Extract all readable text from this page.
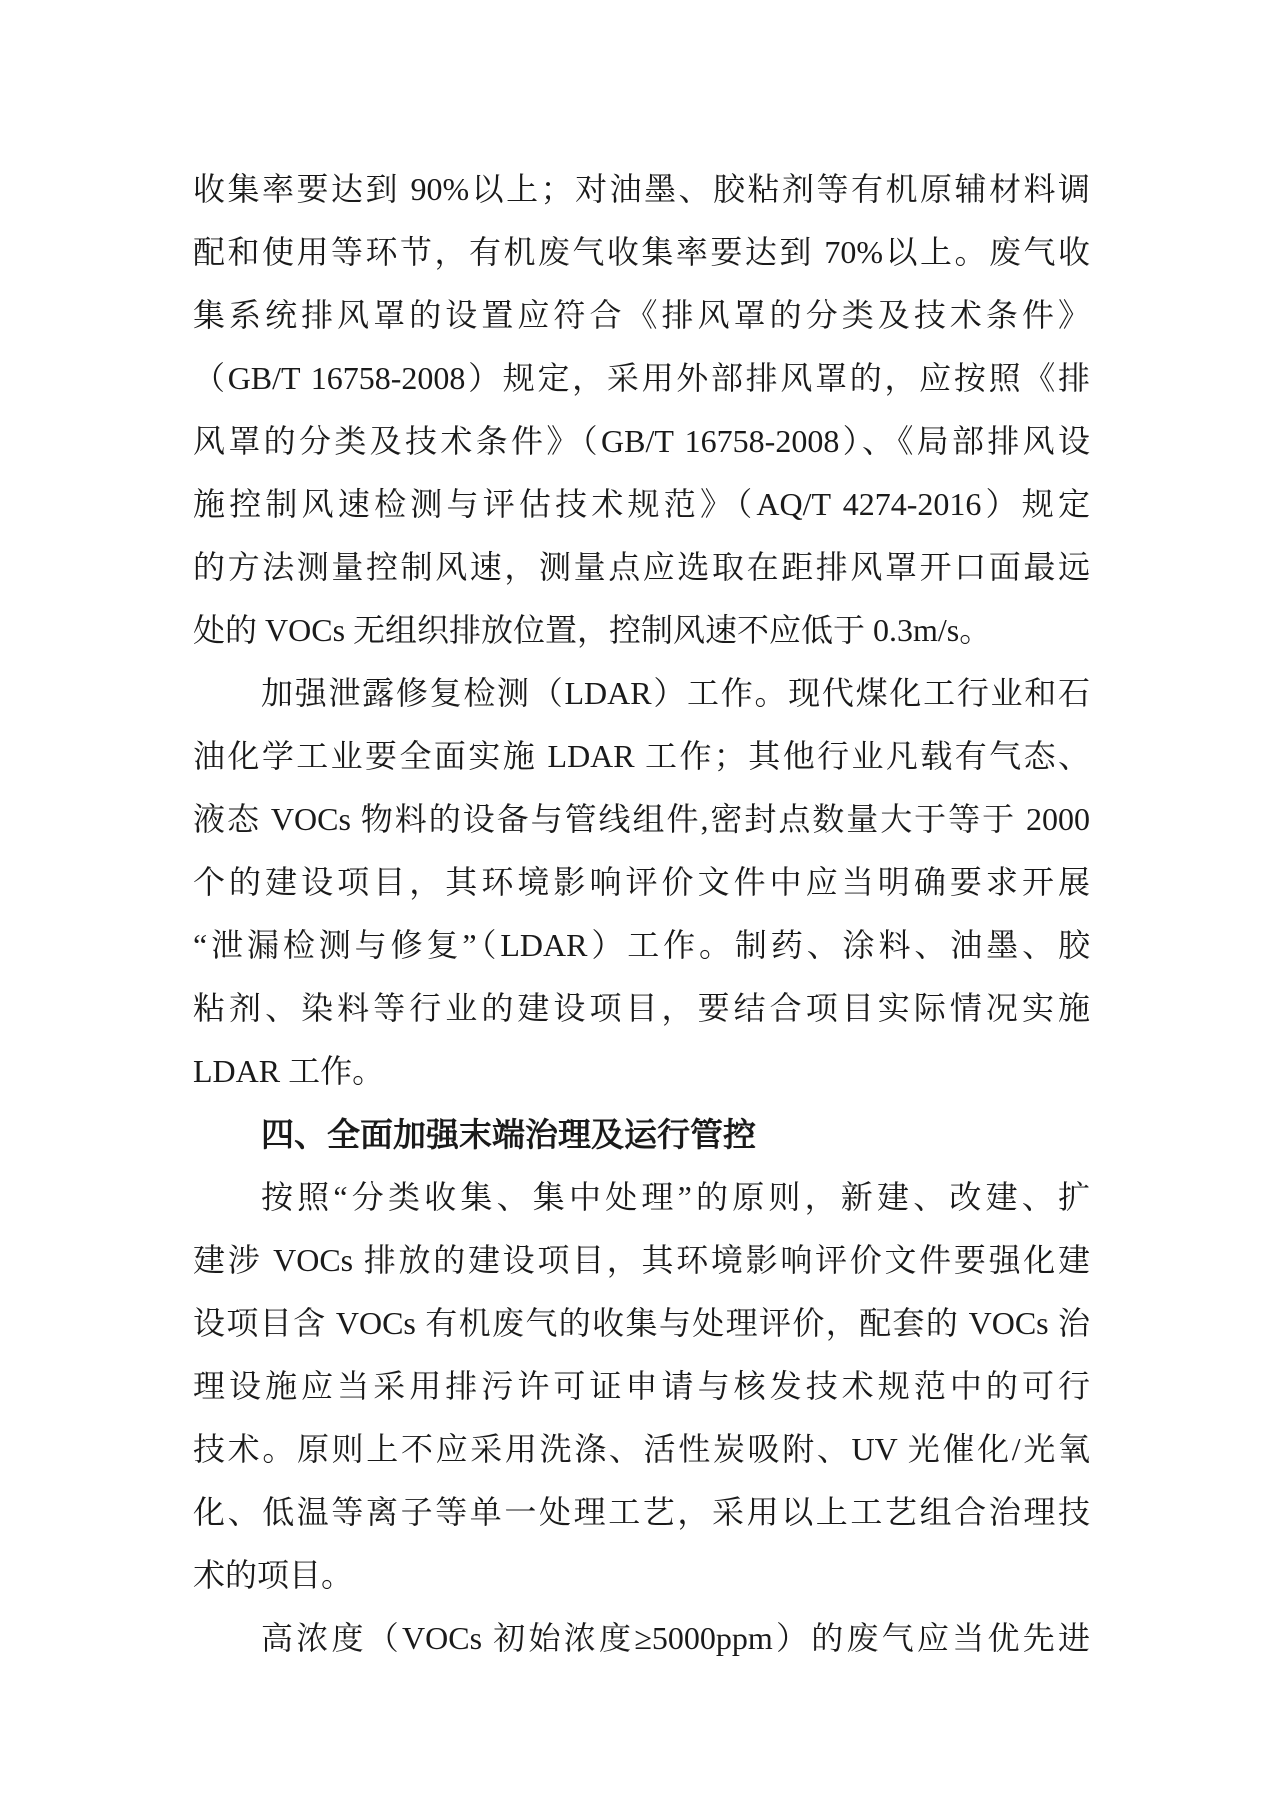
收集率要达到 90%以上；对油墨、胶粘剂等有机原辅材料调
配和使用等环节，有机废气收集率要达到 70%以上。废气收
集系统排风罩的设置应符合《排风罩的分类及技术条件》
（GB/T 16758-2008）规定，采用外部排风罩的，应按照《排
风罩的分类及技术条件》（GB/T 16758-2008）、《局部排风设
施控制风速检测与评估技术规范》（AQ/T 4274-2016）规定
的方法测量控制风速，测量点应选取在距排风罩开口面最远
处的 VOCs 无组织排放位置，控制风速不应低于 0.3m/s。
加强泄露修复检测（LDAR）工作。现代煤化工行业和石
油化学工业要全面实施 LDAR 工作；其他行业凡载有气态、
液态 VOCs 物料的设备与管线组件,密封点数量大于等于 2000
个的建设项目，其环境影响评价文件中应当明确要求开展
“泄漏检测与修复”（LDAR）工作。制药、涂料、油墨、胶
粘剂、染料等行业的建设项目，要结合项目实际情况实施
LDAR 工作。
四、全面加强末端治理及运行管控
按照“分类收集、集中处理”的原则，新建、改建、扩
建涉 VOCs 排放的建设项目，其环境影响评价文件要强化建
设项目含 VOCs 有机废气的收集与处理评价，配套的 VOCs 治
理设施应当采用排污许可证申请与核发技术规范中的可行
技术。原则上不应采用洗涤、活性炭吸附、UV 光催化/光氧
化、低温等离子等单一处理工艺，采用以上工艺组合治理技
术的项目。
高浓度（VOCs 初始浓度≥5000ppm）的废气应当优先进
